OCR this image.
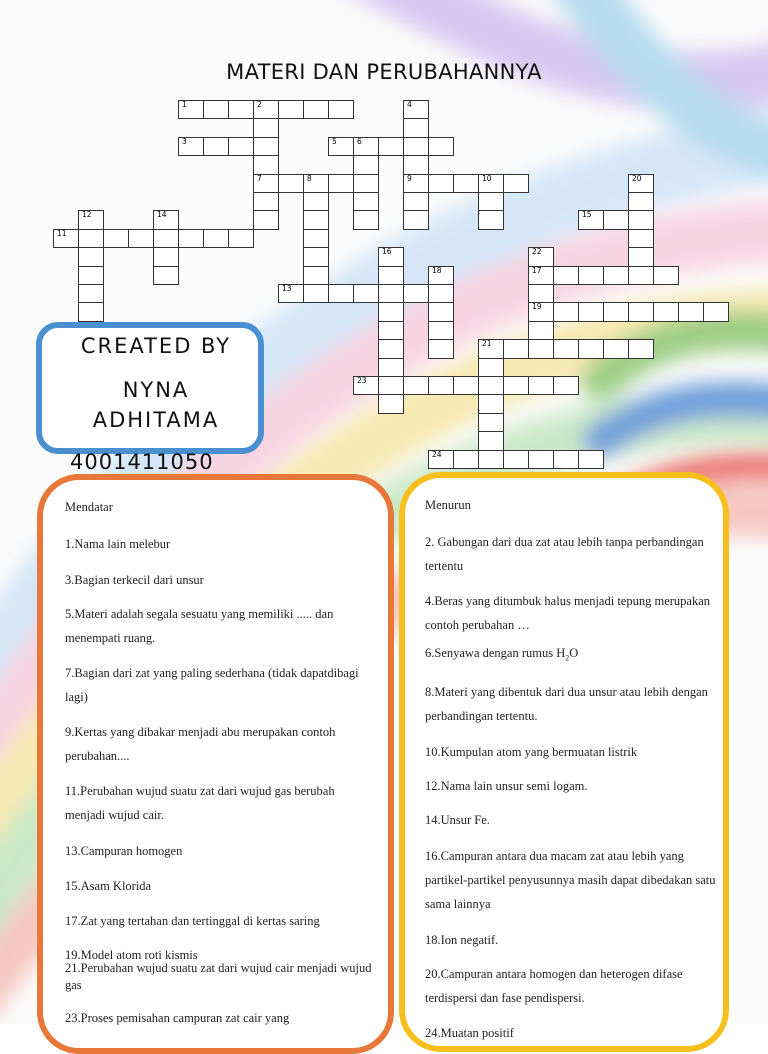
MATERI DAN PERUBAHANNYA
1	2
3
4
5	6
7	8	9	10
11
12
13
14	15
16
17
18
19
20
21
22
23
24
CREATED BY
NYNA
ADHITAMA
4001411050
Mendatar
1.Nama lain melebur
3.Bagian terkecil dari unsur
5.Materi adalah segala sesuatu yang memiliki ..... dan menempati ruang.
7.Bagian dari zat yang paling sederhana (tidak dapatdibagi lagi)
9.Kertas yang dibakar menjadi abu merupakan contoh perubahan....
11.Perubahan wujud suatu zat dari wujud gas berubah menjadi wujud cair.
13.Campuran homogen
15.Asam Klorida
17.Zat yang tertahan dan tertinggal di kertas saring
19.Model atom roti kismis
21.Perubahan wujud suatu zat dari wujud cair menjadi wujud gas
23.Proses pemisahan campuran zat cair yang
Menurun
2. Gabungan dari dua zat atau lebih tanpa perbandingan tertentu
4.Beras yang ditumbuk halus menjadi tepung merupakan contoh perubahan …
6.Senyawa dengan rumus $H_2O$
8.Materi yang dibentuk dari dua unsur atau lebih dengan perbandingan tertentu.
10.Kumpulan atom yang bermuatan listrik
12.Nama lain unsur semi logam.
14.Unsur Fe.
16.Campuran antara dua macam zat atau lebih yang partikel-partikel penyusunnya masih dapat dibedakan satu sama lainnya
18.Ion negatif.
20.Campuran antara homogen dan heterogen difase terdispersi dan fase pendispersi.
24.Muatan positif
